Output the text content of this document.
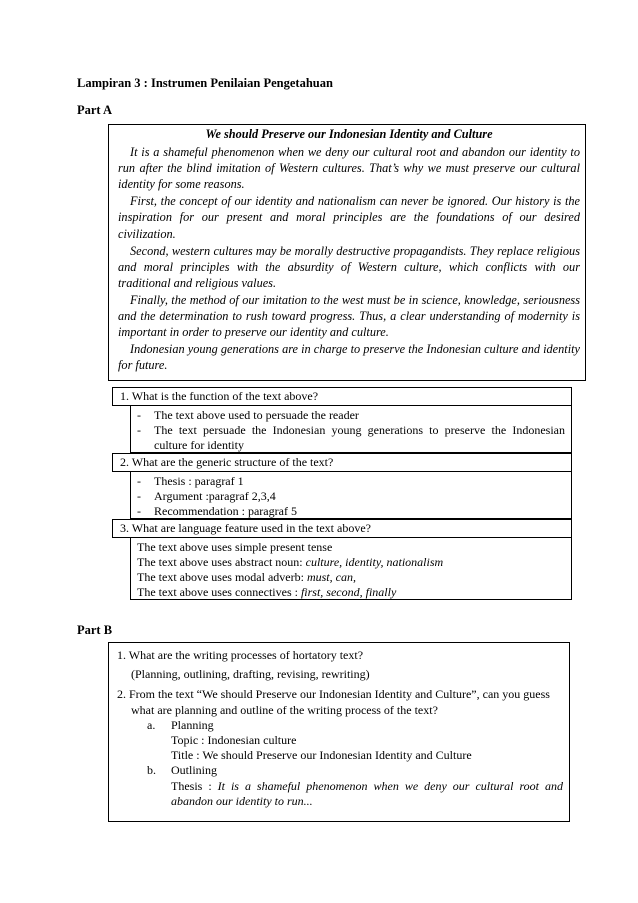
Lampiran 3 : Instrumen Penilaian Pengetahuan
Part A
We should Preserve our Indonesian Identity and Culture

It is a shameful phenomenon when we deny our cultural root and abandon our identity to run after the blind imitation of Western cultures. That’s why we must preserve our cultural identity for some reasons.

First, the concept of our identity and nationalism can never be ignored. Our history is the inspiration for our present and moral principles are the foundations of our desired civilization.

Second, western cultures may be morally destructive propagandists. They replace religious and moral principles with the absurdity of Western culture, which conflicts with our traditional and religious values.

Finally, the method of our imitation to the west must be in science, knowledge, seriousness and the determination to rush toward progress. Thus, a clear understanding of modernity is important in order to preserve our identity and culture.

Indonesian young generations are in charge to preserve the Indonesian culture and identity for future.

1. What is the function of the text above?
- The text above used to persuade the reader
- The text persuade the Indonesian young generations to preserve the Indonesian culture for identity
2. What are the generic structure of the text?
- Thesis : paragraf 1
- Argument :paragraf 2,3,4
- Recommendation : paragraf 5
3. What are language feature used in the text above?
The text above uses simple present tense
The text above uses abstract noun: culture, identity, nationalism
The text above uses modal adverb: must, can,
The text above uses connectives : first, second, finally
Part B

1. What are the writing processes of hortatory text?

(Planning, outlining, drafting, revising, rewriting)

2. From the text “We should Preserve our Indonesian Identity and Culture”, can you guess what are planning and outline of the writing process of the text?

a. Planning
Topic : Indonesian culture
Title : We should Preserve our Indonesian Identity and Culture
b. Outlining
Thesis : It is a shameful phenomenon when we deny our cultural root and abandon our identity to run...
